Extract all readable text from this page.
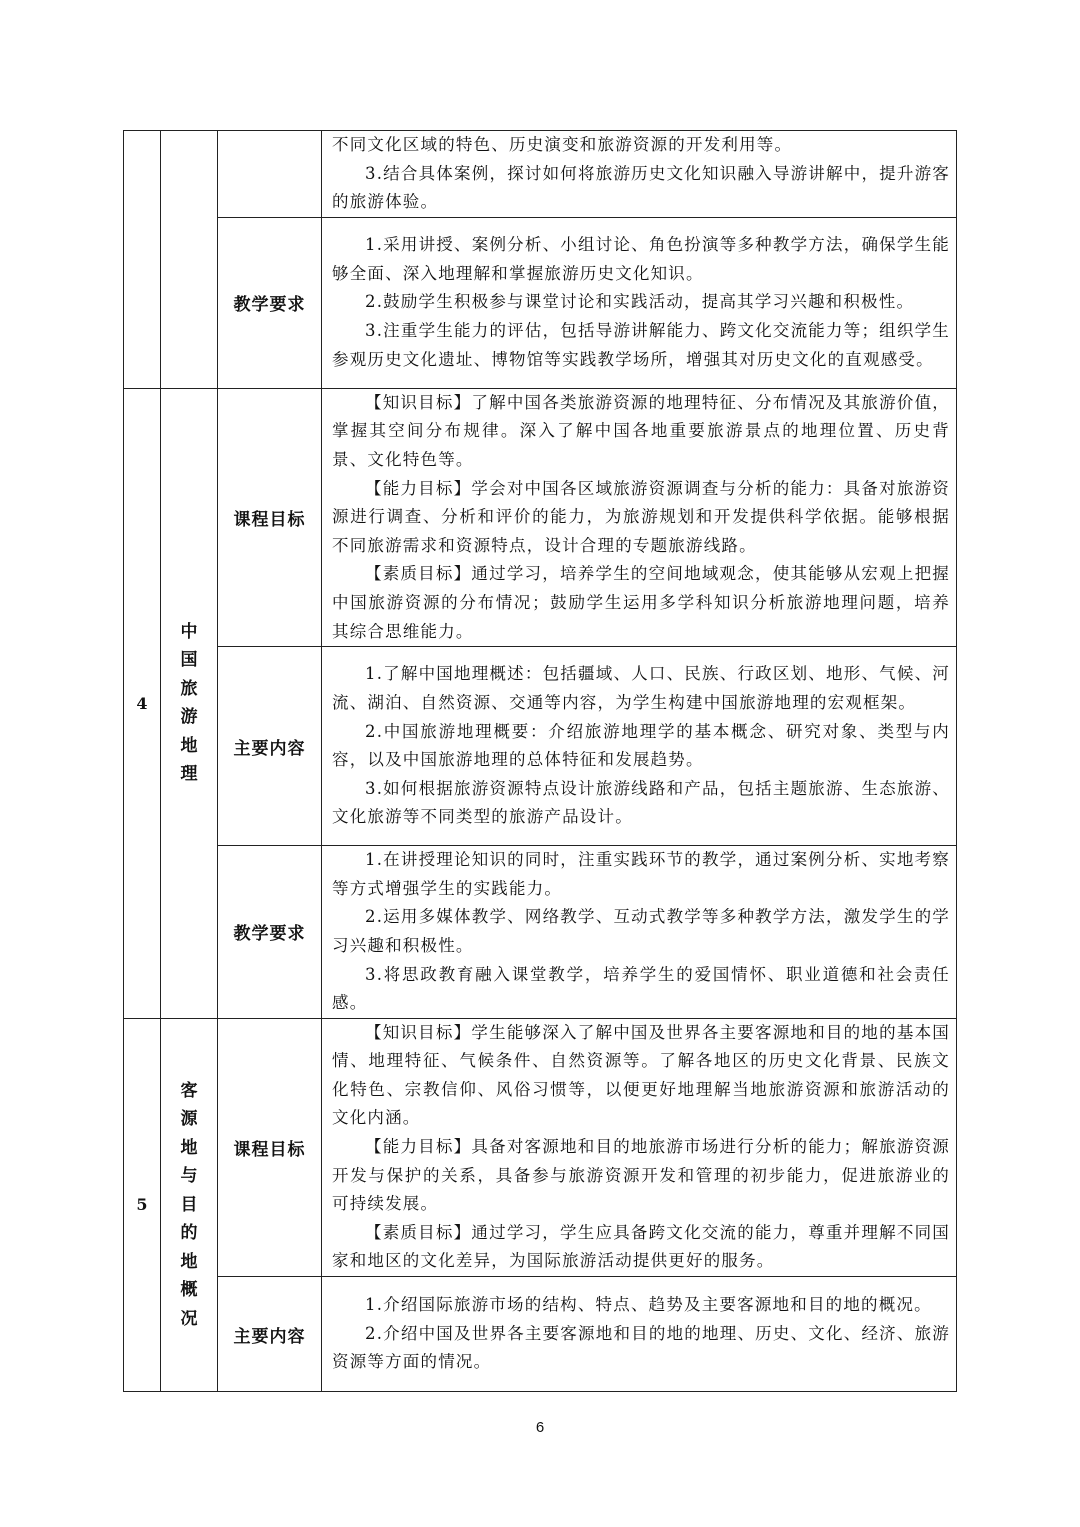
			不同文化区域的特色、历史演变和旅游资源的开发利用等。

3.结合具体案例，探讨如何将旅游历史文化知识融入导游讲解中，提升游客的旅游体验。

		教学要求	1.采用讲授、案例分析、小组讨论、角色扮演等多种教学方法，确保学生能够全面、深入地理解和掌握旅游历史文化知识。

2.鼓励学生积极参与课堂讨论和实践活动，提高其学习兴趣和积极性。

3.注重学生能力的评估，包括导游讲解能力、跨文化交流能力等；组织学生参观历史文化遗址、博物馆等实践教学场所，增强其对历史文化的直观感受。

4	中国旅游地理	课程目标	【知识目标】了解中国各类旅游资源的地理特征、分布情况及其旅游价值，掌握其空间分布规律。深入了解中国各地重要旅游景点的地理位置、历史背景、文化特色等。

【能力目标】学会对中国各区域旅游资源调查与分析的能力：具备对旅游资源进行调查、分析和评价的能力，为旅游规划和开发提供科学依据。能够根据不同旅游需求和资源特点，设计合理的专题旅游线路。

【素质目标】通过学习，培养学生的空间地域观念，使其能够从宏观上把握中国旅游资源的分布情况；鼓励学生运用多学科知识分析旅游地理问题，培养其综合思维能力。

		主要内容	1.了解中国地理概述：包括疆域、人口、民族、行政区划、地形、气候、河流、湖泊、自然资源、交通等内容，为学生构建中国旅游地理的宏观框架。

2.中国旅游地理概要：介绍旅游地理学的基本概念、研究对象、类型与内容，以及中国旅游地理的总体特征和发展趋势。

3.如何根据旅游资源特点设计旅游线路和产品，包括主题旅游、生态旅游、文化旅游等不同类型的旅游产品设计。

		教学要求	1.在讲授理论知识的同时，注重实践环节的教学，通过案例分析、实地考察等方式增强学生的实践能力。

2.运用多媒体教学、网络教学、互动式教学等多种教学方法，激发学生的学习兴趣和积极性。

3.将思政教育融入课堂教学，培养学生的爱国情怀、职业道德和社会责任感。

5	客源地与目的地概况	课程目标	【知识目标】学生能够深入了解中国及世界各主要客源地和目的地的基本国情、地理特征、气候条件、自然资源等。了解各地区的历史文化背景、民族文化特色、宗教信仰、风俗习惯等，以便更好地理解当地旅游资源和旅游活动的文化内涵。

【能力目标】具备对客源地和目的地旅游市场进行分析的能力；解旅游资源开发与保护的关系，具备参与旅游资源开发和管理的初步能力，促进旅游业的可持续发展。

【素质目标】通过学习，学生应具备跨文化交流的能力，尊重并理解不同国家和地区的文化差异，为国际旅游活动提供更好的服务。

		主要内容	1.介绍国际旅游市场的结构、特点、趋势及主要客源地和目的地的概况。

2.介绍中国及世界各主要客源地和目的地的地理、历史、文化、经济、旅游资源等方面的情况。

6
